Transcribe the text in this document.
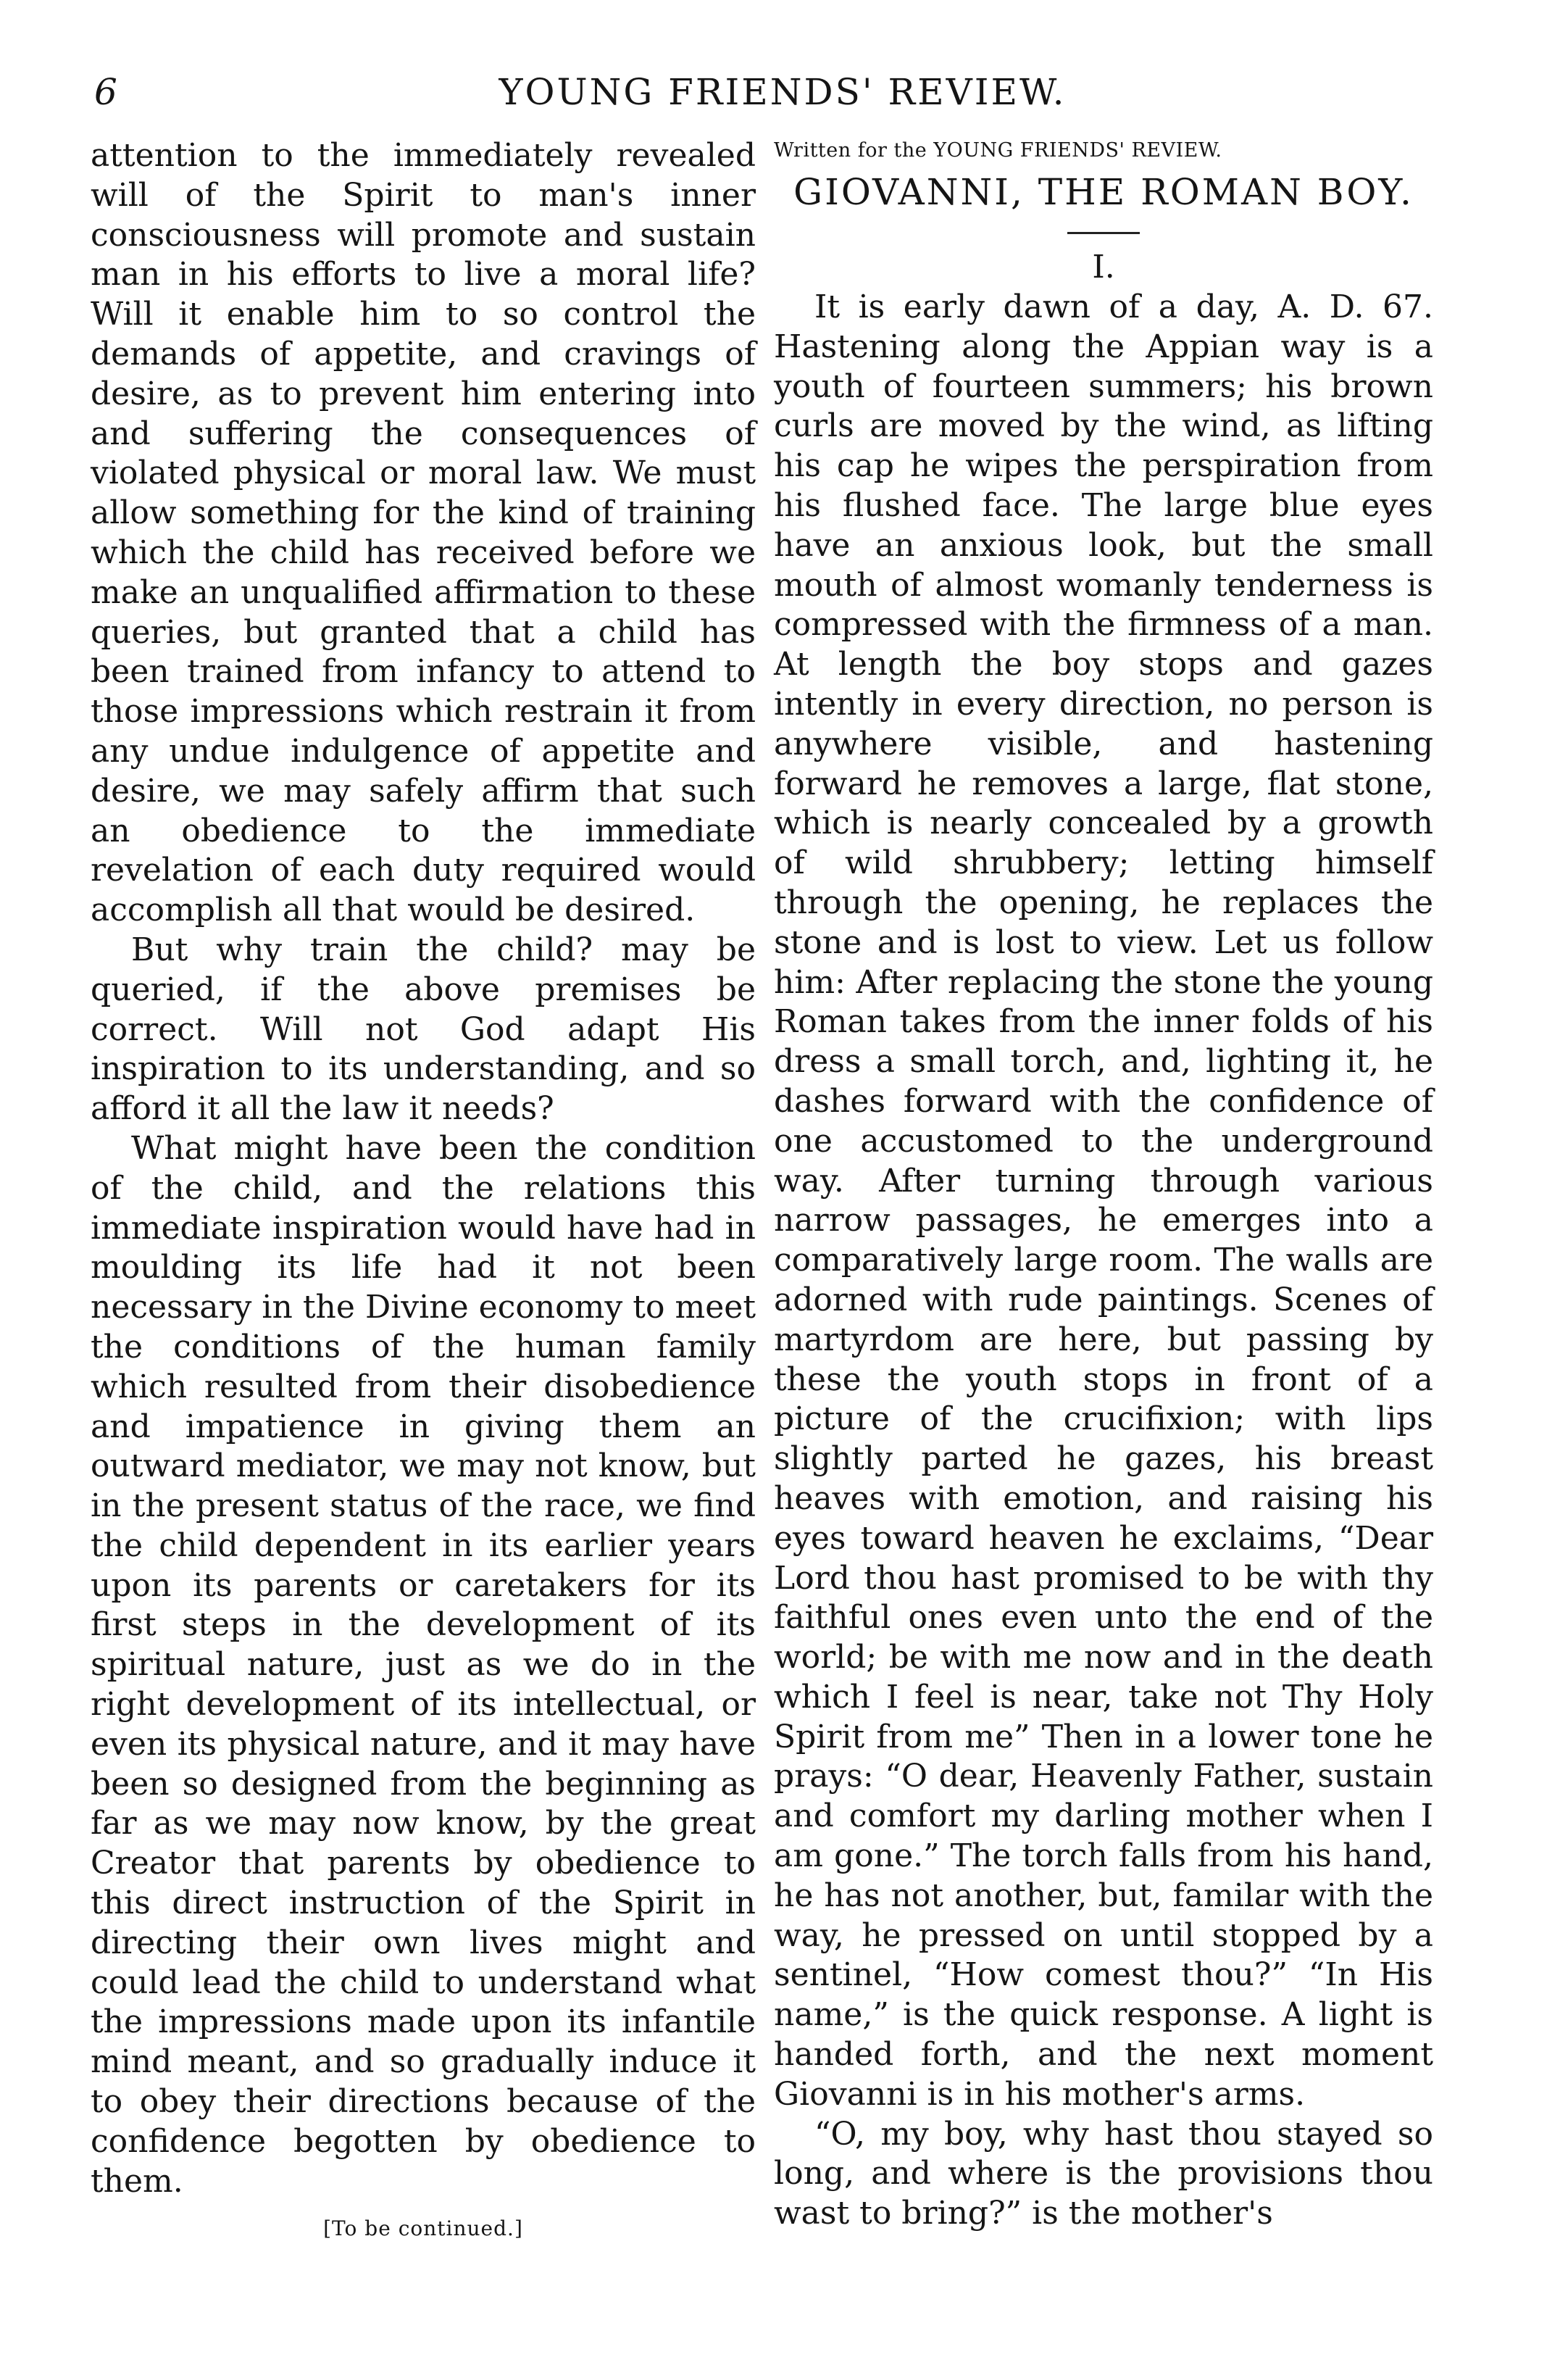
6	YOUNG FRIENDS' REVIEW.

attention to the immediately revealed will of the Spirit to man's inner consciousness will promote and sustain man in his efforts to live a moral life? Will it enable him to so control the demands of appetite, and cravings of desire, as to prevent him entering into and suffering the consequences of violated physical or moral law. We must allow something for the kind of training which the child has received before we make an unqualified affirmation to these queries, but granted that a child has been trained from infancy to attend to those impressions which restrain it from any undue indulgence of appetite and desire, we may safely affirm that such an obedience to the immediate revelation of each duty required would accomplish all that would be desired.

But why train the child? may be queried, if the above premises be correct. Will not God adapt His inspiration to its understanding, and so afford it all the law it needs?

What might have been the condition of the child, and the relations this immediate inspiration would have had in moulding its life had it not been necessary in the Divine economy to meet the conditions of the human family which resulted from their disobedience and impatience in giving them an outward mediator, we may not know, but in the present status of the race, we find the child dependent in its earlier years upon its parents or caretakers for its first steps in the development of its spiritual nature, just as we do in the right development of its intellectual, or even its physical nature, and it may have been so designed from the beginning as far as we may now know, by the great Creator that parents by obedience to this direct instruction of the Spirit in directing their own lives might and could lead the child to understand what the impressions made upon its infantile mind meant, and so gradually induce it to obey their directions because of the confidence begotten by obedience to them.

[To be continued.]
Written for the YOUNG FRIENDS' REVIEW.
GIOVANNI, THE ROMAN BOY.
I.

It is early dawn of a day, A. D. 67. Hastening along the Appian way is a youth of fourteen summers; his brown curls are moved by the wind, as lifting his cap he wipes the perspiration from his flushed face. The large blue eyes have an anxious look, but the small mouth of almost womanly tenderness is compressed with the firmness of a man. At length the boy stops and gazes intently in every direction, no person is anywhere visible, and hastening forward he removes a large, flat stone, which is nearly concealed by a growth of wild shrubbery; letting himself through the opening, he replaces the stone and is lost to view. Let us follow him: After replacing the stone the young Roman takes from the inner folds of his dress a small torch, and, lighting it, he dashes forward with the confidence of one accustomed to the underground way. After turning through various narrow passages, he emerges into a comparatively large room. The walls are adorned with rude paintings. Scenes of martyrdom are here, but passing by these the youth stops in front of a picture of the crucifixion; with lips slightly parted he gazes, his breast heaves with emotion, and raising his eyes toward heaven he exclaims, “Dear Lord thou hast promised to be with thy faithful ones even unto the end of the world; be with me now and in the death which I feel is near, take not Thy Holy Spirit from me” Then in a lower tone he prays: “O dear, Heavenly Father, sustain and comfort my darling mother when I am gone.” The torch falls from his hand, he has not another, but, familar with the way, he pressed on until stopped by a sentinel, “How comest thou?” “In His name,” is the quick response. A light is handed forth, and the next moment Giovanni is in his mother's arms.

“O, my boy, why hast thou stayed so long, and where is the provisions thou wast to bring?” is the mother's
